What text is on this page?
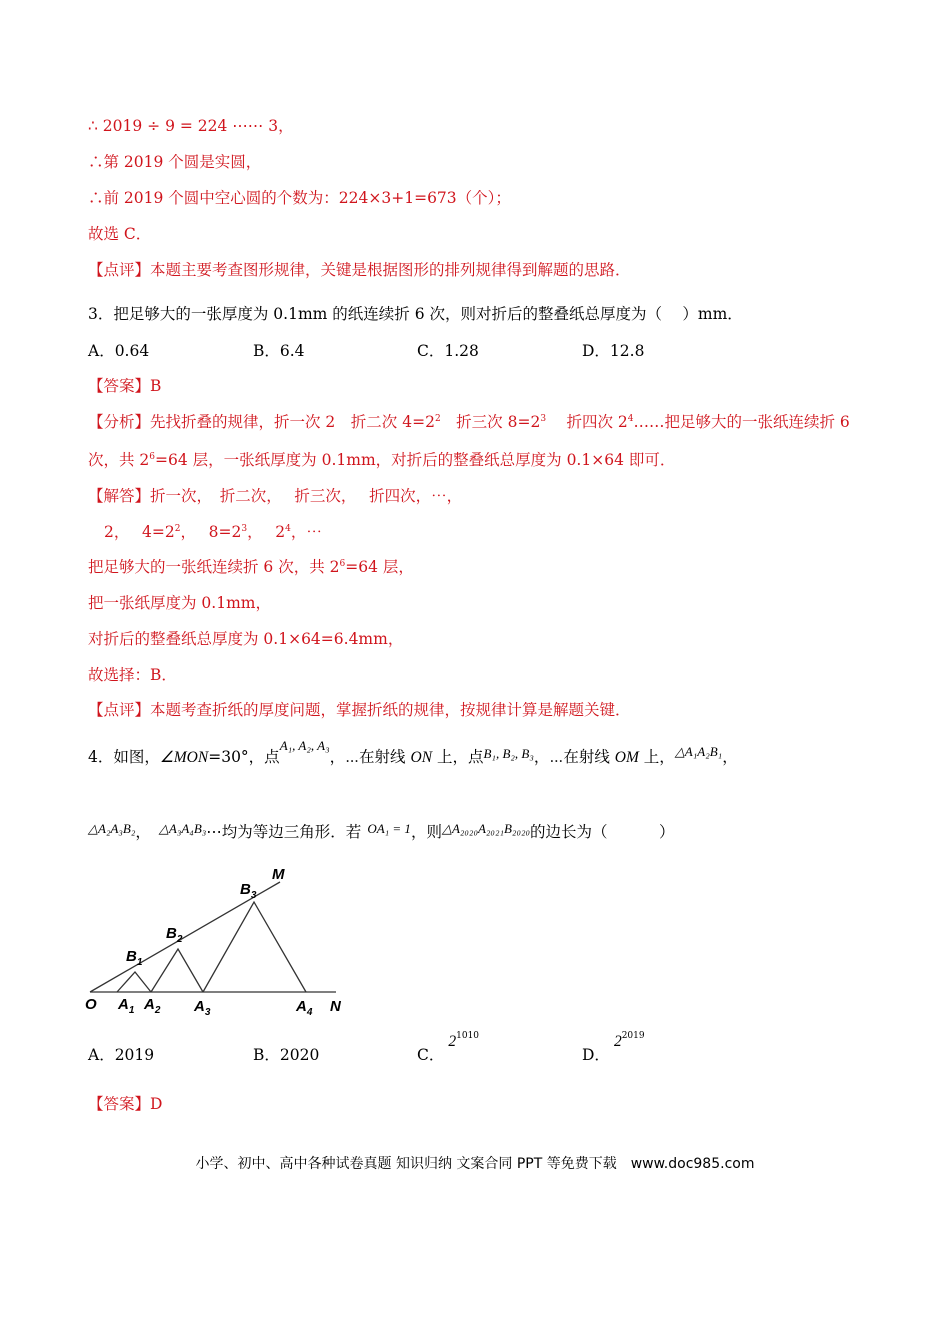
∴ 2019 ÷ 9 = 224 ⋯⋯ 3，
∴第 2019 个圆是实圆，
∴前 2019 个圆中空心圆的个数为：224×3+1=673（个）；
故选 C．
【点评】本题主要考查图形规律，关键是根据图形的排列规律得到解题的思路．
3．把足够大的一张厚度为 0.1mm 的纸连续折 6 次，则对折后的整叠纸总厚度为（　 ）mm．
A．0.64	B．6.4	C．1.28	D．12.8
【答案】B
【分析】先找折叠的规律，折一次 2　折二次 $4=2^2$　折三次 $8=2^3$　 折四次 $2^4\dots\dots$把足够大的一张纸连续折 6
次，共 $2^6=64$ 层，一张纸厚度为 0.1mm，对折后的整叠纸总厚度为 0.1×64 即可．
【解答】折一次，　折二次，　 折三次，　 折四次，⋯，
2，　 $4=2^2$，　 $8=2^3$，　 $2^4$，⋯
把足够大的一张纸连续折 6 次，共 $2^6=64$ 层，
把一张纸厚度为 0.1mm，
对折后的整叠纸总厚度为 0.1×64=6.4mm，
故选择：B．
【点评】本题考查折纸的厚度问题，掌握折纸的规律，按规律计算是解题关键．
4．如图，∠MON=30°，点$^{A_1, A_2, A_3}$，⋯在射线 ON 上，点$^{B_1, B_2, B_3}$，⋯在射线 OM 上，$^{\triangle A_1A_2B_1}$，
$^{\triangle A_2A_3B_2}$， $^{\triangle A_3A_4B_3}$⋯均为等边三角形．若 $^{OA_1 = 1}$，则$^{\triangle A_{2020}A_{2021}B_{2020}}$的边长为（　　　 ）
M
N
O $A_1$ $A_2$ $A_3$	$A_4$
$B_1$
$B_2$
$B_3$
A．2019	B．2020	C．$2^{1010}$
D．$2^{2019}$
【答案】D
小学、初中、高中各种试卷真题 知识归纳 文案合同 PPT 等免费下载　www.doc985.com
